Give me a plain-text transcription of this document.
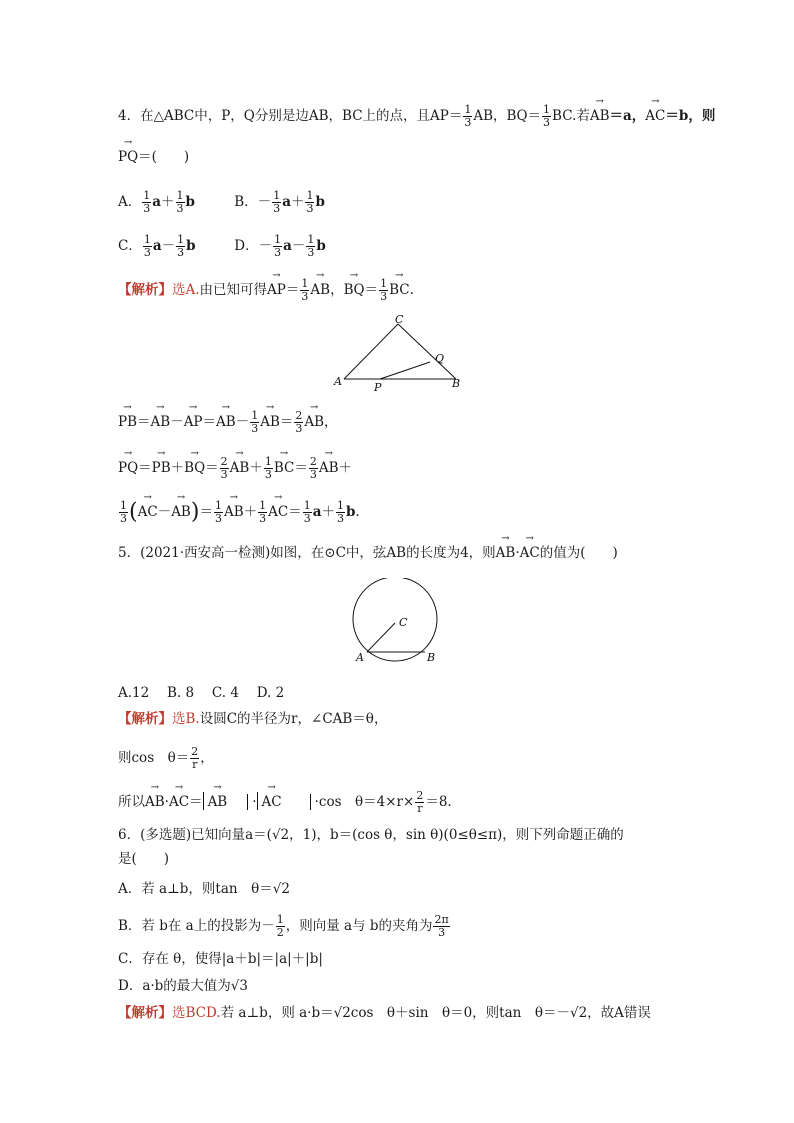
4．在△ABC中，P，Q分别是边AB，BC上的点，且$AP= \frac{1}{3}$ AB，$BQ= \frac{1}{3}$ BC.若→ AB＝a，→ AC＝b，则
→ PQ＝(　　)
A． $\frac{1}{3} a+ \frac{1}{3}$ b	B．－ $\frac{1}{3} a+ \frac{1}{3}$ b
C． $\frac{1}{3} a- \frac{1}{3}$ b	D．－ $\frac{1}{3} a- \frac{1}{3}$ b
【解析】选A.由已知可得→ $AP= \frac{1}{3}$
→ AB，→ $BQ= \frac{1}{3}$
→ BC.
C
Q
A	P	B
→ $PB=\to AB-\to AP=\to AB- \frac{1}{3}$
→ $AB= \frac{2}{3}$
→ AB，
→ $PQ=\to PB+\to BQ= \frac{2}{3}$
→ $AB+ \frac{1}{3}$
→ $BC= \frac{2}{3}$
→ AB＋
$\frac{1}{3}$ (→ $AC-\to AB)= \frac{1}{3}$
→ $AB+ \frac{1}{3}$
→ $AC= \frac{1}{3} a+ \frac{1}{3} b$.
5．(2021·西安高一检测)如图，在⊙C中，弦AB的长度为4，则→ AB·→ AC的值为(　　)
C
A	B
A.12　 B. 8　 C. 4　 D. 2
【解析】选B.设圆C的半径为r，∠CAB＝θ，
则cos　$\theta= \frac{2}{r}$ ，
所以→ AB·→ AC＝→ AB ·→ AC ·cos　$\theta=4\times r\times \frac{2}{r} =8$.
6．(多选题)已知向量a＝(√2，1)，b＝(cos θ，sin θ)(0≤θ≤π)，则下列命题正确的
是(　　)
A．若 a⊥b，则tan　θ＝√2
B．若 b在 a上的投影为－ $\frac{1}{2}$ ，则向量 a与 b的夹角为 $\frac{2\pi}{3}$
C．存在 θ，使得|a＋b|＝|a|＋|b|
D．a·b的最大值为√3
【解析】选BCD.若 a⊥b，则 a·b＝√2cos　θ＋sin　θ＝0，则tan　θ＝－√2，故A错误
